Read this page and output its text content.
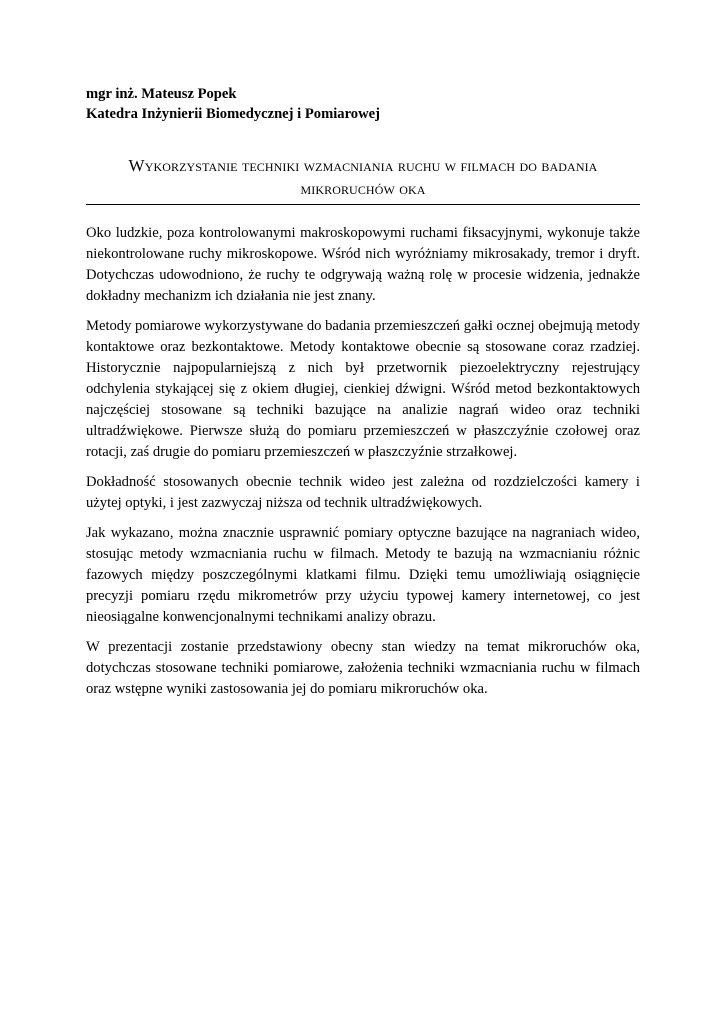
mgr inż. Mateusz Popek
Katedra Inżynierii Biomedycznej i Pomiarowej
Wykorzystanie techniki wzmacniania ruchu w filmach do badania mikroruchów oka

Oko ludzkie, poza kontrolowanymi makroskopowymi ruchami fiksacyjnymi, wykonuje także niekontrolowane ruchy mikroskopowe. Wśród nich wyróżniamy mikrosakady, tremor i dryft. Dotychczas udowodniono, że ruchy te odgrywają ważną rolę w procesie widzenia, jednakże dokładny mechanizm ich działania nie jest znany.

Metody pomiarowe wykorzystywane do badania przemieszczeń gałki ocznej obejmują metody kontaktowe oraz bezkontaktowe. Metody kontaktowe obecnie są stosowane coraz rzadziej. Historycznie najpopularniejszą z nich był przetwornik piezoelektryczny rejestrujący odchylenia stykającej się z okiem długiej, cienkiej dźwigni. Wśród metod bezkontaktowych najczęściej stosowane są techniki bazujące na analizie nagrań wideo oraz techniki ultradźwiękowe. Pierwsze służą do pomiaru przemieszczeń w płaszczyźnie czołowej oraz rotacji, zaś drugie do pomiaru przemieszczeń w płaszczyźnie strzałkowej.

Dokładność stosowanych obecnie technik wideo jest zależna od rozdzielczości kamery i użytej optyki, i jest zazwyczaj niższa od technik ultradźwiękowych.

Jak wykazano, można znacznie usprawnić pomiary optyczne bazujące na nagraniach wideo, stosując metody wzmacniania ruchu w filmach. Metody te bazują na wzmacnianiu różnic fazowych między poszczególnymi klatkami filmu. Dzięki temu umożliwiają osiągnięcie precyzji pomiaru rzędu mikrometrów przy użyciu typowej kamery internetowej, co jest nieosiągalne konwencjonalnymi technikami analizy obrazu.

W prezentacji zostanie przedstawiony obecny stan wiedzy na temat mikroruchów oka, dotychczas stosowane techniki pomiarowe, założenia techniki wzmacniania ruchu w filmach oraz wstępne wyniki zastosowania jej do pomiaru mikroruchów oka.
